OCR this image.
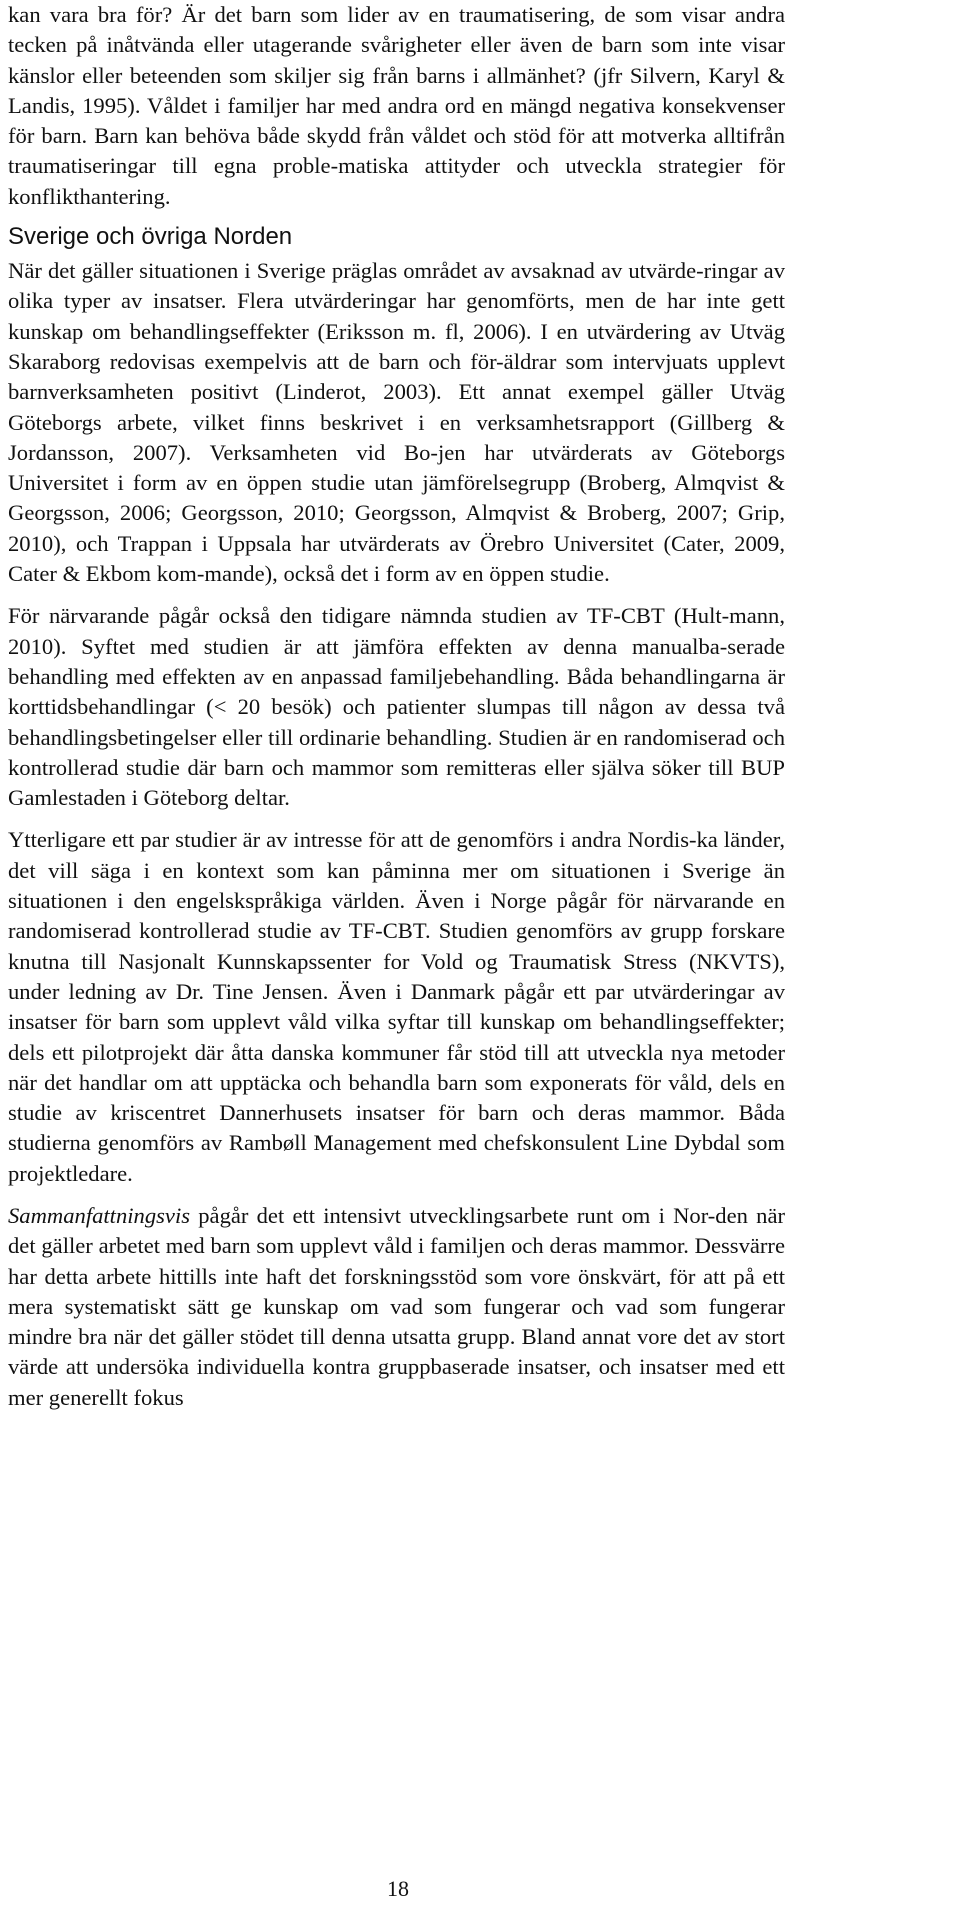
kan vara bra för? Är det barn som lider av en traumatisering, de som visar andra tecken på inåtvända eller utagerande svårigheter eller även de barn som inte visar känslor eller beteenden som skiljer sig från barns i allmänhet? (jfr Silvern, Karyl & Landis, 1995). Våldet i familjer har med andra ord en mängd negativa konsekvenser för barn. Barn kan behöva både skydd från våldet och stöd för att motverka alltifrån traumatiseringar till egna proble-matiska attityder och utveckla strategier för konflikthantering.

Sverige och övriga Norden

När det gäller situationen i Sverige präglas området av avsaknad av utvärde-ringar av olika typer av insatser. Flera utvärderingar har genomförts, men de har inte gett kunskap om behandlingseffekter (Eriksson m. fl, 2006). I en utvärdering av Utväg Skaraborg redovisas exempelvis att de barn och för-äldrar som intervjuats upplevt barnverksamheten positivt (Linderot, 2003). Ett annat exempel gäller Utväg Göteborgs arbete, vilket finns beskrivet i en verksamhetsrapport (Gillberg & Jordansson, 2007). Verksamheten vid Bo-jen har utvärderats av Göteborgs Universitet i form av en öppen studie utan jämförelsegrupp (Broberg, Almqvist & Georgsson, 2006; Georgsson, 2010; Georgsson, Almqvist & Broberg, 2007; Grip, 2010), och Trappan i Uppsala har utvärderats av Örebro Universitet (Cater, 2009, Cater & Ekbom kom-mande), också det i form av en öppen studie.

För närvarande pågår också den tidigare nämnda studien av TF-CBT (Hult-mann, 2010). Syftet med studien är att jämföra effekten av denna manualba-serade behandling med effekten av en anpassad familjebehandling. Båda behandlingarna är korttidsbehandlingar (< 20 besök) och patienter slumpas till någon av dessa två behandlingsbetingelser eller till ordinarie behandling. Studien är en randomiserad och kontrollerad studie där barn och mammor som remitteras eller själva söker till BUP Gamlestaden i Göteborg deltar.

Ytterligare ett par studier är av intresse för att de genomförs i andra Nordis-ka länder, det vill säga i en kontext som kan påminna mer om situationen i Sverige än situationen i den engelskspråkiga världen. Även i Norge pågår för närvarande en randomiserad kontrollerad studie av TF-CBT. Studien genomförs av grupp forskare knutna till Nasjonalt Kunnskapssenter for Vold og Traumatisk Stress (NKVTS), under ledning av Dr. Tine Jensen. Även i Danmark pågår ett par utvärderingar av insatser för barn som upplevt våld vilka syftar till kunskap om behandlingseffekter; dels ett pilotprojekt där åtta danska kommuner får stöd till att utveckla nya metoder när det handlar om att upptäcka och behandla barn som exponerats för våld, dels en studie av kriscentret Dannerhusets insatser för barn och deras mammor. Båda studierna genomförs av Rambøll Management med chefskonsulent Line Dybdal som projektledare.

Sammanfattningsvis pågår det ett intensivt utvecklingsarbete runt om i Nor-den när det gäller arbetet med barn som upplevt våld i familjen och deras mammor. Dessvärre har detta arbete hittills inte haft det forskningsstöd som vore önskvärt, för att på ett mera systematiskt sätt ge kunskap om vad som fungerar och vad som fungerar mindre bra när det gäller stödet till denna utsatta grupp. Bland annat vore det av stort värde att undersöka individuella kontra gruppbaserade insatser, och insatser med ett mer generellt fokus

18
